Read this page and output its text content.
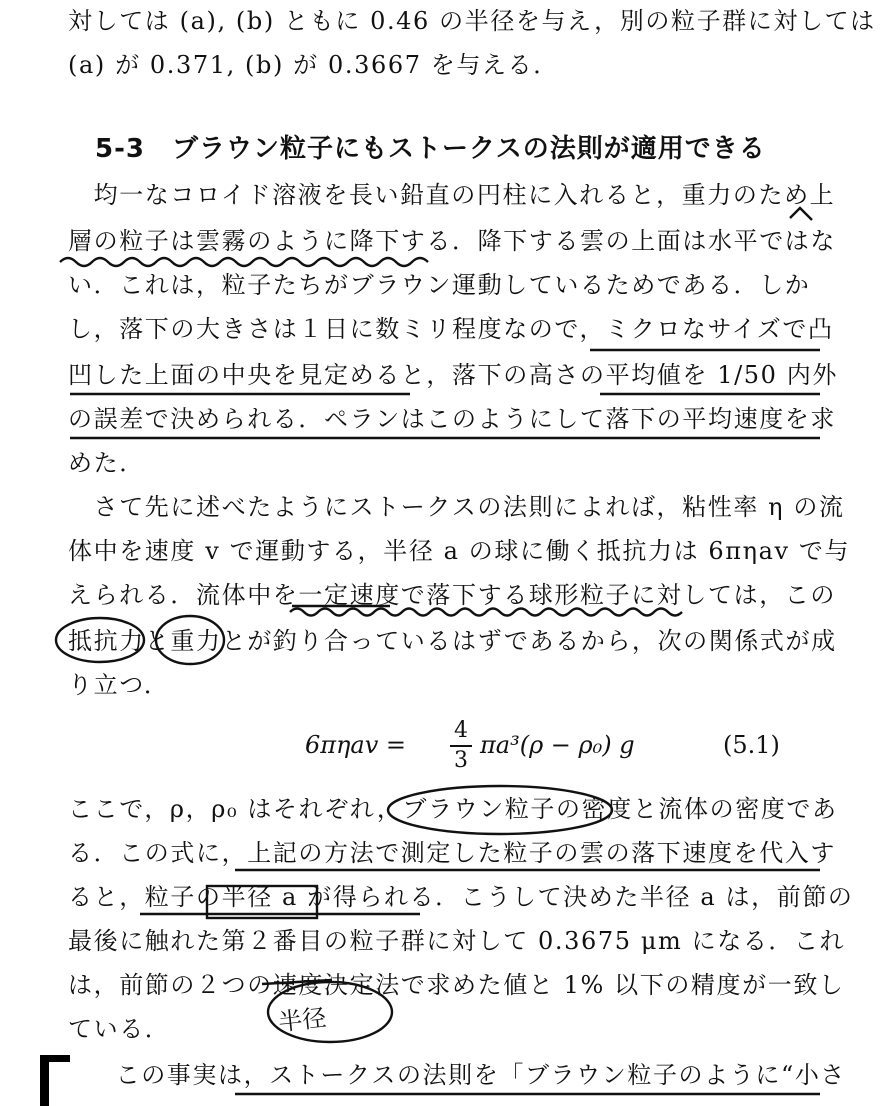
対しては (a), (b) ともに 0.46 の半径を与え，別の粒子群に対しては

(a) が 0.371, (b) が 0.3667 を与える．

5-3　ブラウン粒子にもストークスの法則が適用できる

　均一なコロイド溶液を長い鉛直の円柱に入れると，重力のため上

層の粒子は雲霧のように降下する．降下する雲の上面は水平ではな

い．これは，粒子たちがブラウン運動しているためである．しか

し，落下の大きさは１日に数ミリ程度なので，ミクロなサイズで凸

凹した上面の中央を見定めると，落下の高さの平均値を 1/50 内外

の誤差で決められる．ペランはこのようにして落下の平均速度を求

めた．

　さて先に述べたようにストークスの法則によれば，粘性率 η の流

体中を速度 v で運動する，半径 a の球に働く抵抗力は 6πηav で与

えられる．流体中を一定速度で落下する球形粒子に対しては，この

抵抗力と重力とが釣り合っているはずであるから，次の関係式が成

り立つ．

6πηav =
4
3
πa³(ρ − ρ₀) g	(5.1)

ここで，ρ，ρ₀ はそれぞれ，ブラウン粒子の密度と流体の密度であ

る．この式に，上記の方法で測定した粒子の雲の落下速度を代入す

ると，粒子の半径 a が得られる．こうして決めた半径 a は，前節の

最後に触れた第２番目の粒子群に対して 0.3675 μm になる．これ

は，前節の２つの速度決定法で求めた値と 1% 以下の精度が一致し

ている．

　この事実は，ストークスの法則を「ブラウン粒子のように“小さ

半径
